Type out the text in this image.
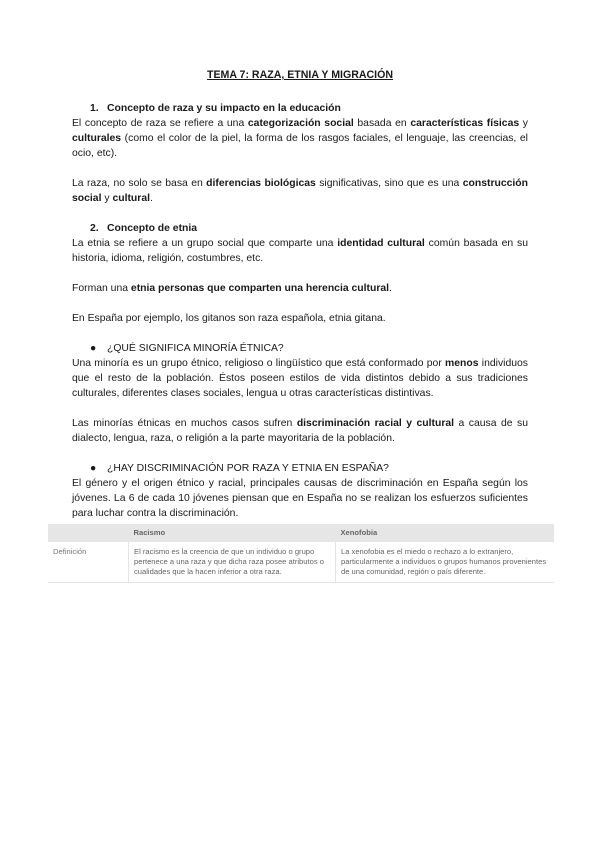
TEMA 7: RAZA, ETNIA Y MIGRACIÓN
1. Concepto de raza y su impacto en la educación

El concepto de raza se refiere a una categorización social basada en características físicas y culturales (como el color de la piel, la forma de los rasgos faciales, el lenguaje, las creencias, el ocio, etc).

La raza, no solo se basa en diferencias biológicas significativas, sino que es una construcción social y cultural.

2. Concepto de etnia

La etnia se refiere a un grupo social que comparte una identidad cultural común basada en su historia, idioma, religión, costumbres, etc.

Forman una etnia personas que comparten una herencia cultural.

En España por ejemplo, los gitanos son raza española, etnia gitana.

● ¿QUÉ SIGNIFICA MINORÍA ÉTNICA?

Una minoría es un grupo étnico, religioso o lingüístico que está conformado por menos individuos que el resto de la población. Éstos poseen estilos de vida distintos debido a sus tradiciones culturales, diferentes clases sociales, lengua u otras características distintivas.

Las minorías étnicas en muchos casos sufren discriminación racial y cultural a causa de su dialecto, lengua, raza, o religión a la parte mayoritaria de la población.

● ¿HAY DISCRIMINACIÓN POR RAZA Y ETNIA EN ESPAÑA?

El género y el origen étnico y racial, principales causas de discriminación en España según los jóvenes. La 6 de cada 10 jóvenes piensan que en España no se realizan los esfuerzos suficientes para luchar contra la discriminación.

	Racismo	Xenofobia
Definición	El racismo es la creencia de que un individuo o grupo pertenece a una raza y que dicha raza posee atributos o cualidades que la hacen inferior a otra raza.	La xenofobia es el miedo o rechazo a lo extranjero, particularmente a individuos o grupos humanos provenientes de una comunidad, región o país diferente.
